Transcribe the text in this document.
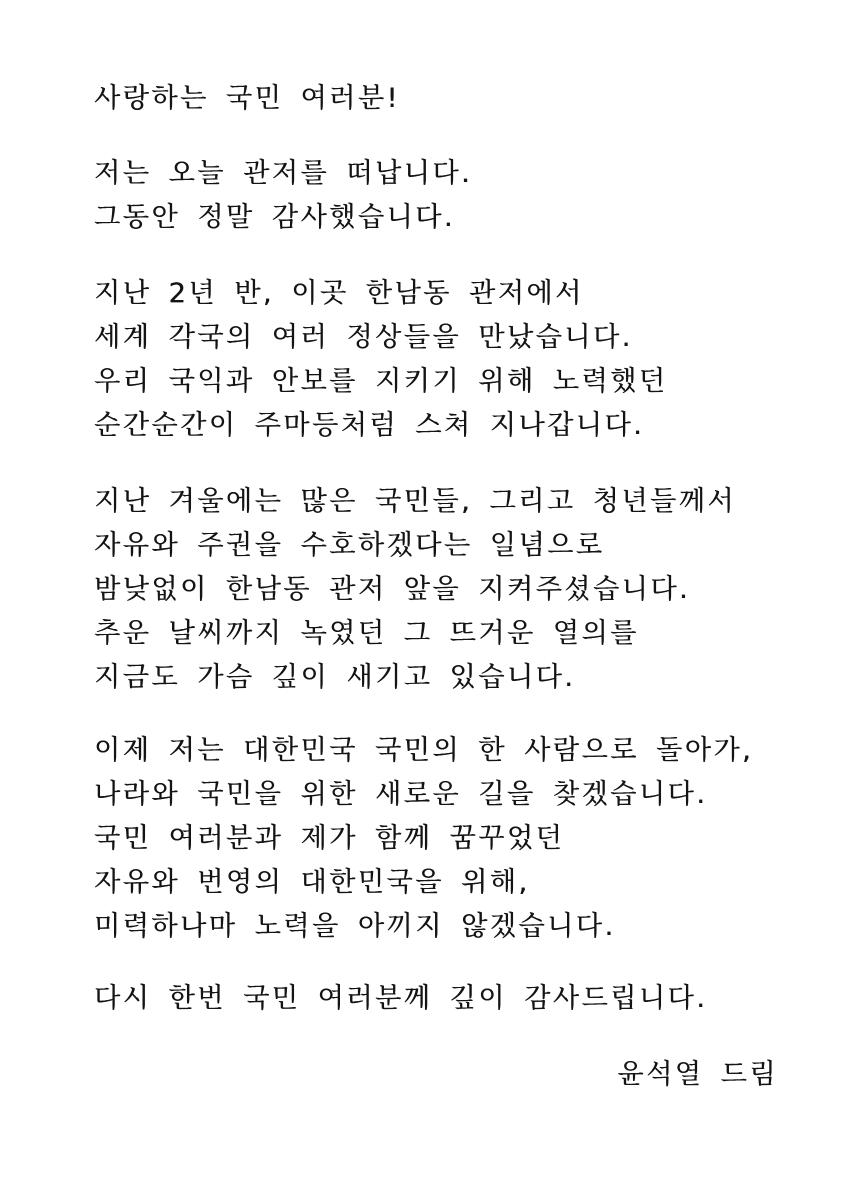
사랑하는 국민 여러분!

저는 오늘 관저를 떠납니다.

그동안 정말 감사했습니다.

지난 2년 반, 이곳 한남동 관저에서

세계 각국의 여러 정상들을 만났습니다.

우리 국익과 안보를 지키기 위해 노력했던

순간순간이 주마등처럼 스쳐 지나갑니다.

지난 겨울에는 많은 국민들, 그리고 청년들께서

자유와 주권을 수호하겠다는 일념으로

밤낮없이 한남동 관저 앞을 지켜주셨습니다.

추운 날씨까지 녹였던 그 뜨거운 열의를

지금도 가슴 깊이 새기고 있습니다.

이제 저는 대한민국 국민의 한 사람으로 돌아가,

나라와 국민을 위한 새로운 길을 찾겠습니다.

국민 여러분과 제가 함께 꿈꾸었던

자유와 번영의 대한민국을 위해,

미력하나마 노력을 아끼지 않겠습니다.

다시 한번 국민 여러분께 깊이 감사드립니다.

윤석열 드림
